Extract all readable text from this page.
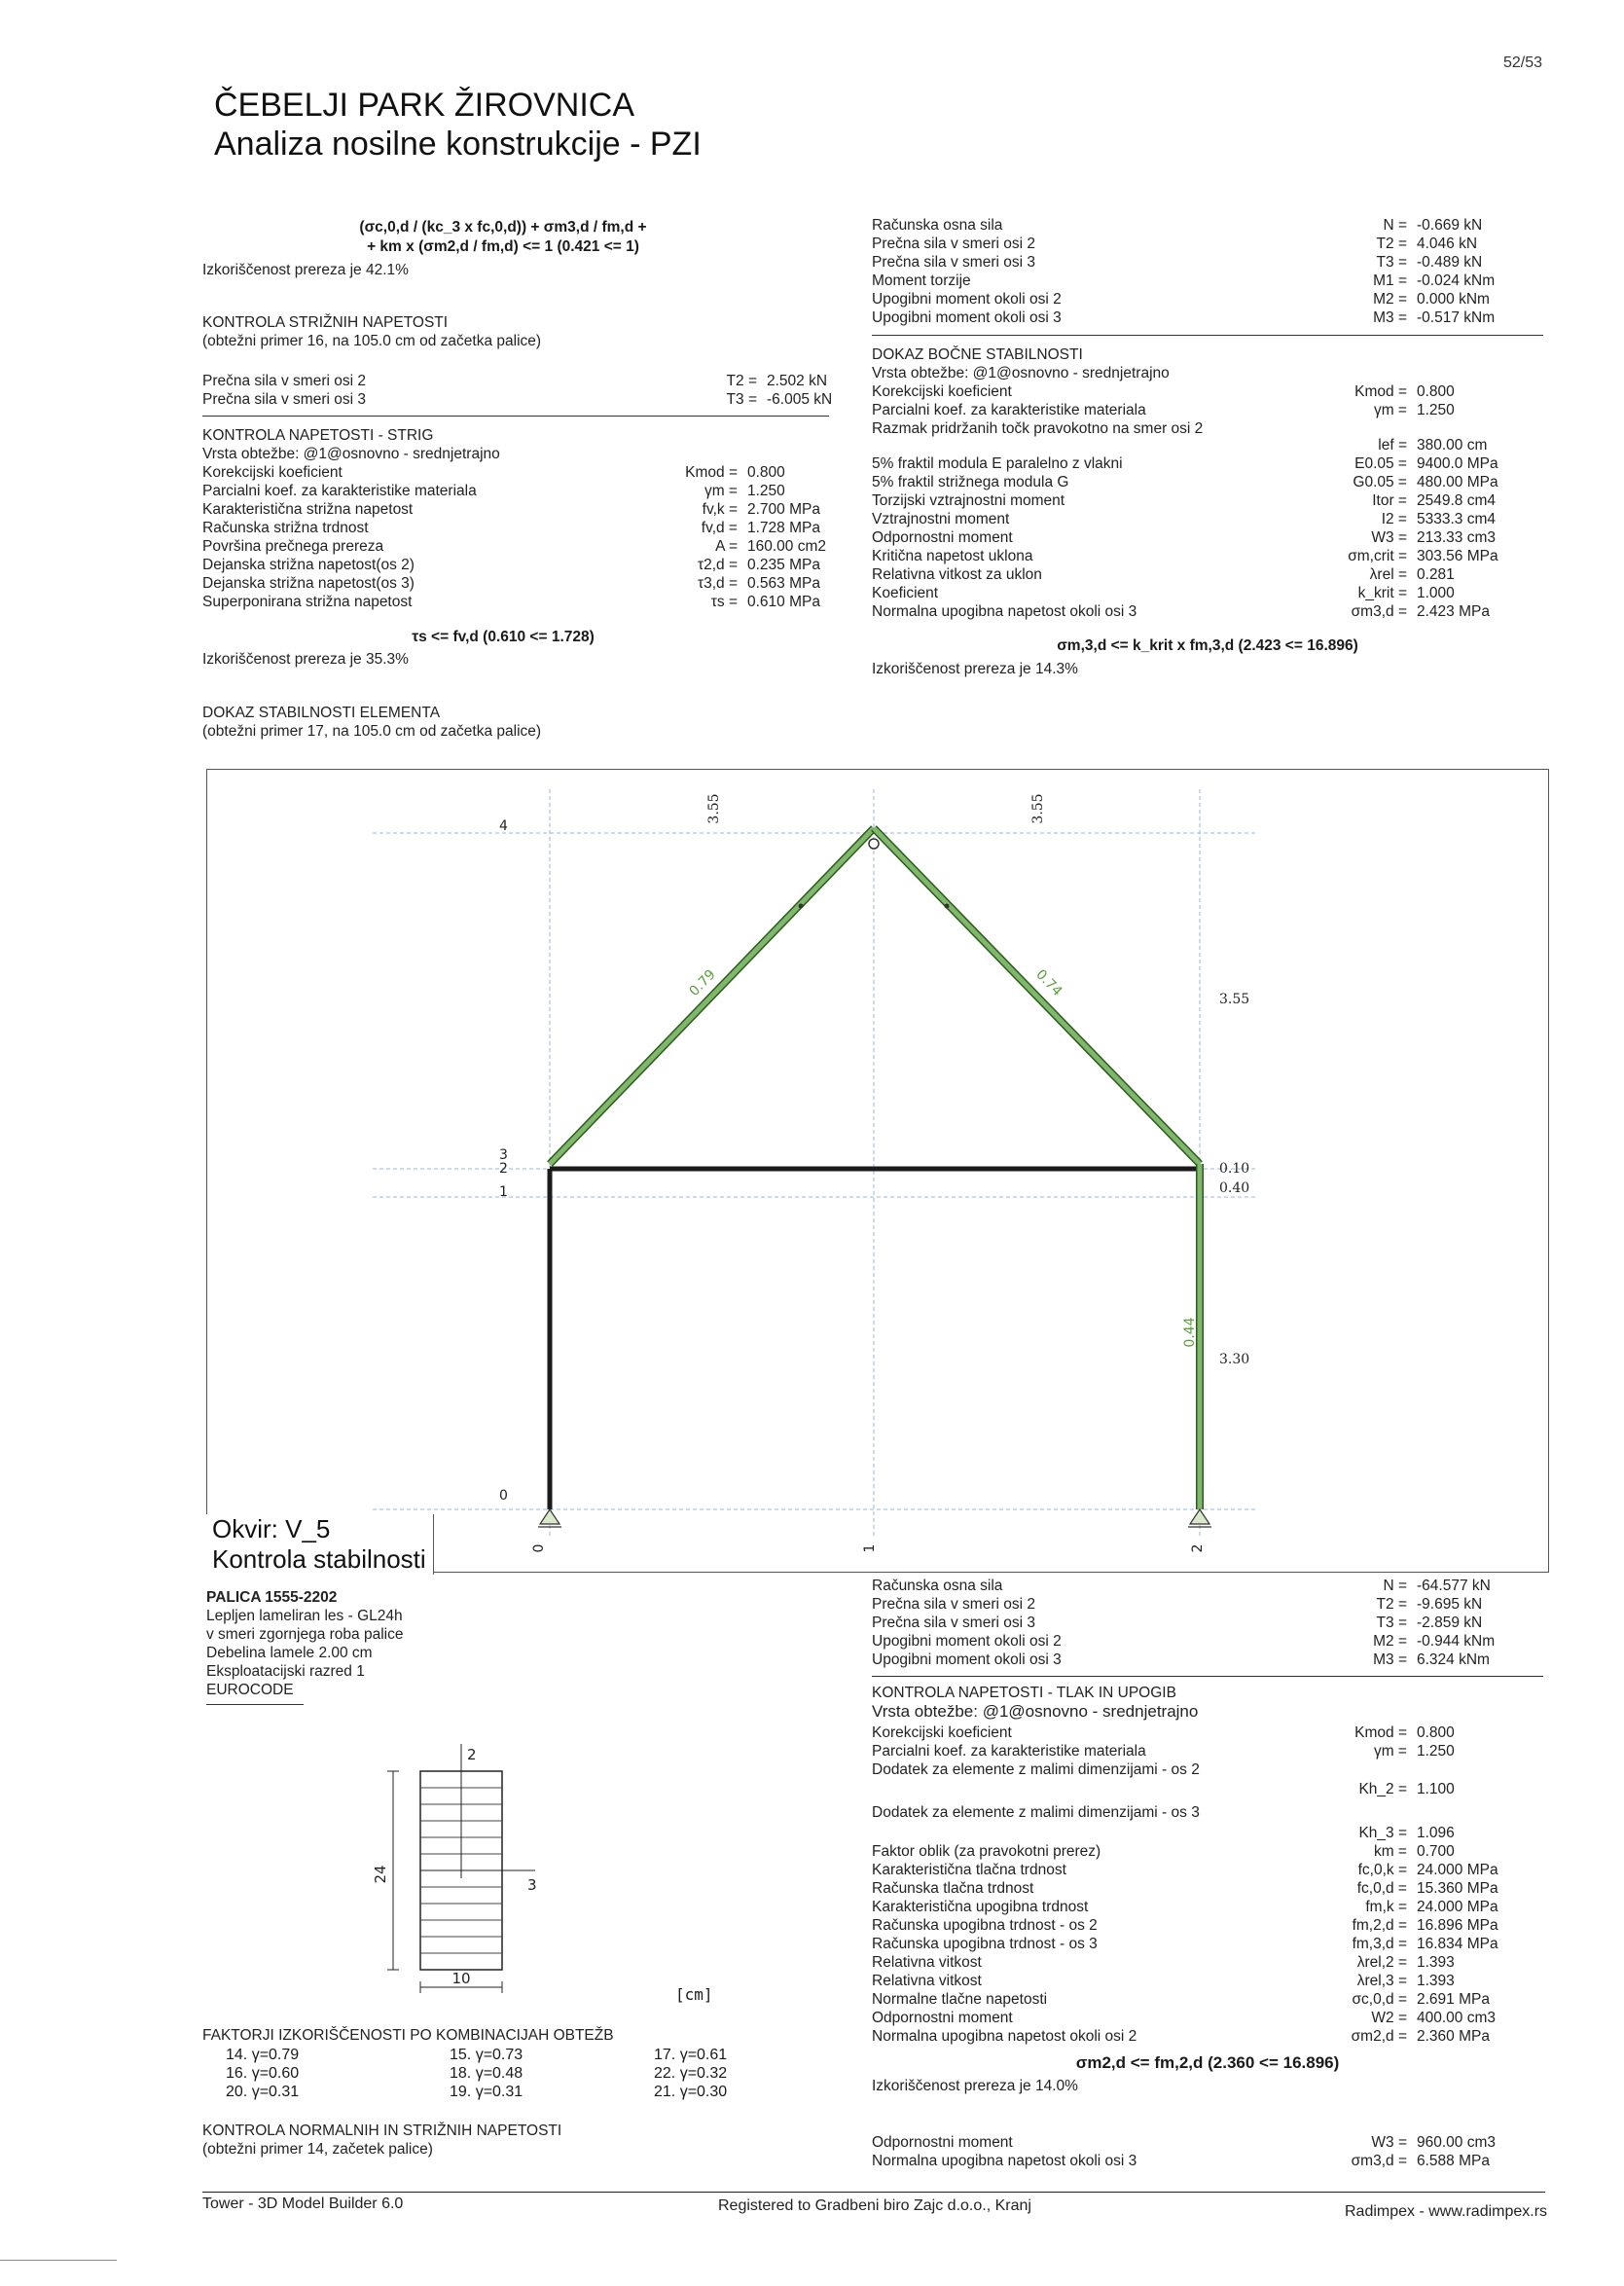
52/53
ČEBELJI PARK ŽIROVNICA
Analiza nosilne konstrukcije - PZI
(σc,0,d / (kc_3 x fc,0,d)) + σm3,d / fm,d +
+ km x (σm2,d / fm,d) <= 1 (0.421 <= 1)
Izkoriščenost prereza je 42.1%
KONTROLA STRIŽNIH NAPETOSTI
(obtežni primer 16, na 105.0 cm od začetka palice)
Prečna sila v smeri osi 2	T2 = 2.502 kN
Prečna sila v smeri osi 3	T3 = -6.005 kN
KONTROLA NAPETOSTI - STRIG
Vrsta obtežbe: @1@osnovno - srednjetrajno
Korekcijski koeficient	Kmod = 0.800
Parcialni koef. za karakteristike materiala	γm = 1.250
Karakteristična strižna napetost	fv,k = 2.700 MPa
Računska strižna trdnost	fv,d = 1.728 MPa
Površina prečnega prereza	A = 160.00 cm2
Dejanska strižna napetost(os 2)	τ2,d = 0.235 MPa
Dejanska strižna napetost(os 3)	τ3,d = 0.563 MPa
Superponirana strižna napetost	τs = 0.610 MPa
τs <= fv,d (0.610 <= 1.728)
Izkoriščenost prereza je 35.3%
DOKAZ STABILNOSTI ELEMENTA
(obtežni primer 17, na 105.0 cm od začetka palice)
Računska osna sila	N = -0.669 kN
Prečna sila v smeri osi 2	T2 = 4.046 kN
Prečna sila v smeri osi 3	T3 = -0.489 kN
Moment torzije	M1 = -0.024 kNm
Upogibni moment okoli osi 2	M2 = 0.000 kNm
Upogibni moment okoli osi 3	M3 = -0.517 kNm
DOKAZ BOČNE STABILNOSTI
Vrsta obtežbe: @1@osnovno - srednjetrajno
Korekcijski koeficient	Kmod = 0.800
Parcialni koef. za karakteristike materiala	γm = 1.250
Razmak pridržanih točk pravokotno na smer osi 2
lef = 380.00 cm
5% fraktil modula E paralelno z vlakni	E0.05 = 9400.0 MPa
5% fraktil strižnega modula G	G0.05 = 480.00 MPa
Torzijski vztrajnostni moment	Itor = 2549.8 cm4
Vztrajnostni moment	I2 = 5333.3 cm4
Odpornostni moment	W3 = 213.33 cm3
Kritična napetost uklona	σm,crit = 303.56 MPa
Relativna vitkost za uklon	λrel = 0.281
Koeficient	k_krit = 1.000
Normalna upogibna napetost okoli osi 3	σm3,d = 2.423 MPa
σm,3,d <= k_krit x fm,3,d (2.423 <= 16.896)
Izkoriščenost prereza je 14.3%
3.55	3.55
3.55
0.10
0.40
3.30
4
3
2
1
0
0	1	2
0.79	0.74
0.44
Okvir: V_5
Kontrola stabilnosti
PALICA 1555-2202
Lepljen lameliran les - GL24h
v smeri zgornjega roba palice
Debelina lamele 2.00 cm
Eksploatacijski razred 1
EUROCODE
24
10
2
3
[cm]
FAKTORJI IZKORIŠČENOSTI PO KOMBINACIJAH OBTEŽB
14. γ=0.79	15. γ=0.73	17. γ=0.61
16. γ=0.60	18. γ=0.48	22. γ=0.32
20. γ=0.31	19. γ=0.31	21. γ=0.30
KONTROLA NORMALNIH IN STRIŽNIH NAPETOSTI
(obtežni primer 14, začetek palice)
Računska osna sila	N = -64.577 kN
Prečna sila v smeri osi 2	T2 = -9.695 kN
Prečna sila v smeri osi 3	T3 = -2.859 kN
Upogibni moment okoli osi 2	M2 = -0.944 kNm
Upogibni moment okoli osi 3	M3 = 6.324 kNm
KONTROLA NAPETOSTI - TLAK IN UPOGIB
Vrsta obtežbe: @1@osnovno - srednjetrajno
Korekcijski koeficient	Kmod = 0.800
Parcialni koef. za karakteristike materiala	γm = 1.250
Dodatek za elemente z malimi dimenzijami - os 2
Kh_2 = 1.100
Dodatek za elemente z malimi dimenzijami - os 3
Kh_3 = 1.096
Faktor oblik (za pravokotni prerez)	km = 0.700
Karakteristična tlačna trdnost	fc,0,k = 24.000 MPa
Računska tlačna trdnost	fc,0,d = 15.360 MPa
Karakteristična upogibna trdnost	fm,k = 24.000 MPa
Računska upogibna trdnost - os 2	fm,2,d = 16.896 MPa
Računska upogibna trdnost - os 3	fm,3,d = 16.834 MPa
Relativna vitkost	λrel,2 = 1.393
Relativna vitkost	λrel,3 = 1.393
Normalne tlačne napetosti	σc,0,d = 2.691 MPa
Odpornostni moment	W2 = 400.00 cm3
Normalna upogibna napetost okoli osi 2	σm2,d = 2.360 MPa
σm2,d <= fm,2,d (2.360 <= 16.896)
Izkoriščenost prereza je 14.0%
Odpornostni moment	W3 = 960.00 cm3
Normalna upogibna napetost okoli osi 3	σm3,d = 6.588 MPa
Tower - 3D Model Builder 6.0	Registered to Gradbeni biro Zajc d.o.o., Kranj	Radimpex - www.radimpex.rs
